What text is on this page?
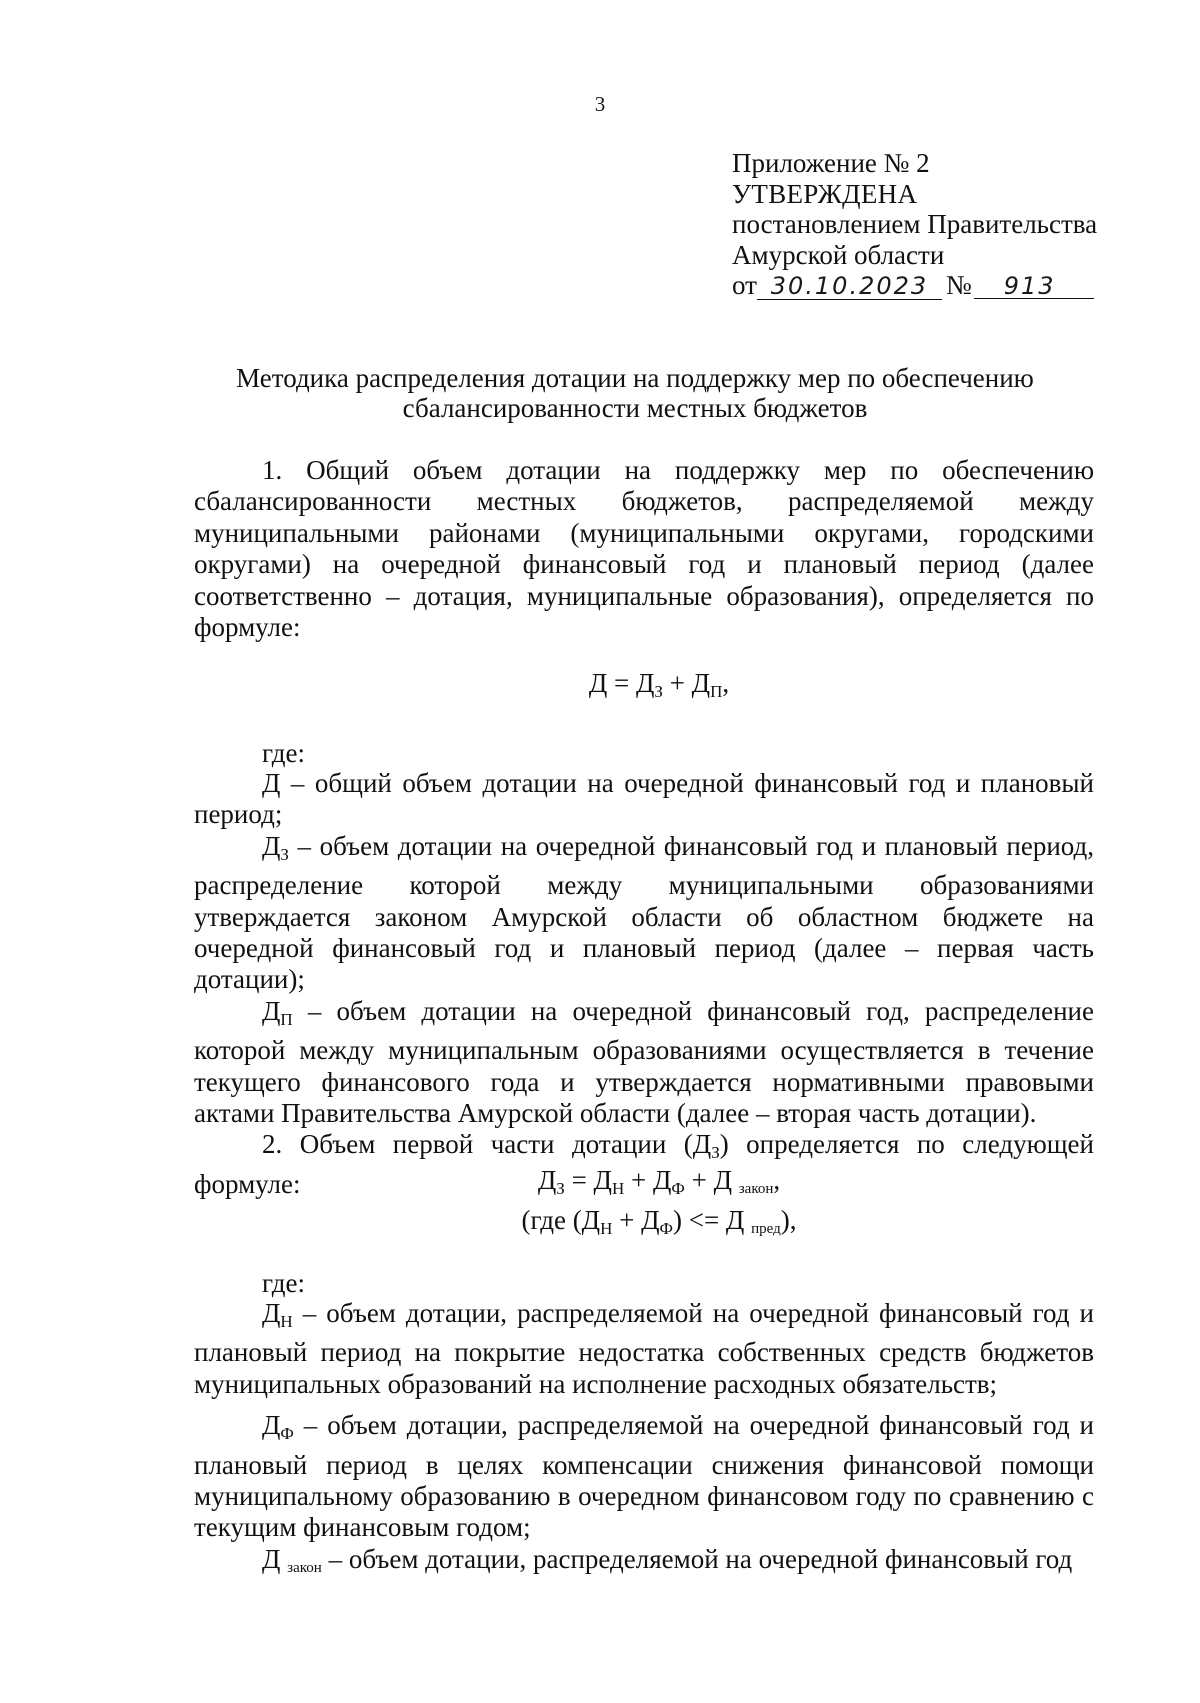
3
Приложение № 2
УТВЕРЖДЕНА
постановлением Правительства
Амурской области
от 30.10.2023 №	913
Методика распределения дотации на поддержку мер по обеспечению сбалансированности местных бюджетов
1. Общий объем дотации на поддержку мер по обеспечению сбалансированности местных бюджетов, распределяемой между муниципальными районами (муниципальными округами, городскими округами) на очередной финансовый год и плановый период (далее соответственно – дотация, муниципальные образования), определяется по формуле:
$Д = Д_З + Д_П$,
где:
Д – общий объем дотации на очередной финансовый год и плановый период;
$Д_З$ – объем дотации на очередной финансовый год и плановый период, распределение которой между муниципальными образованиями утверждается законом Амурской области об областном бюджете на очередной финансовый год и плановый период (далее – первая часть дотации);
$Д_П$ – объем дотации на очередной финансовый год, распределение которой между муниципальным образованиями осуществляется в течение текущего финансового года и утверждается нормативными правовыми актами Правительства Амурской области (далее – вторая часть дотации).
2. Объем первой части дотации $(Д_З)$ определяется по следующей формуле:	$Д_З = Д_Н + Д_Ф + Д$ закон,
(где $(Д_Н + Д_Ф) <= Д$ пред),
где:
$Д_Н$ – объем дотации, распределяемой на очередной финансовый год и плановый период на покрытие недостатка собственных средств бюджетов муниципальных образований на исполнение расходных обязательств;
$Д_Ф$ – объем дотации, распределяемой на очередной финансовый год и плановый период в целях компенсации снижения финансовой помощи муниципальному образованию в очередном финансовом году по сравнению с текущим финансовым годом;
Д закон – объем дотации, распределяемой на очередной финансовый год
